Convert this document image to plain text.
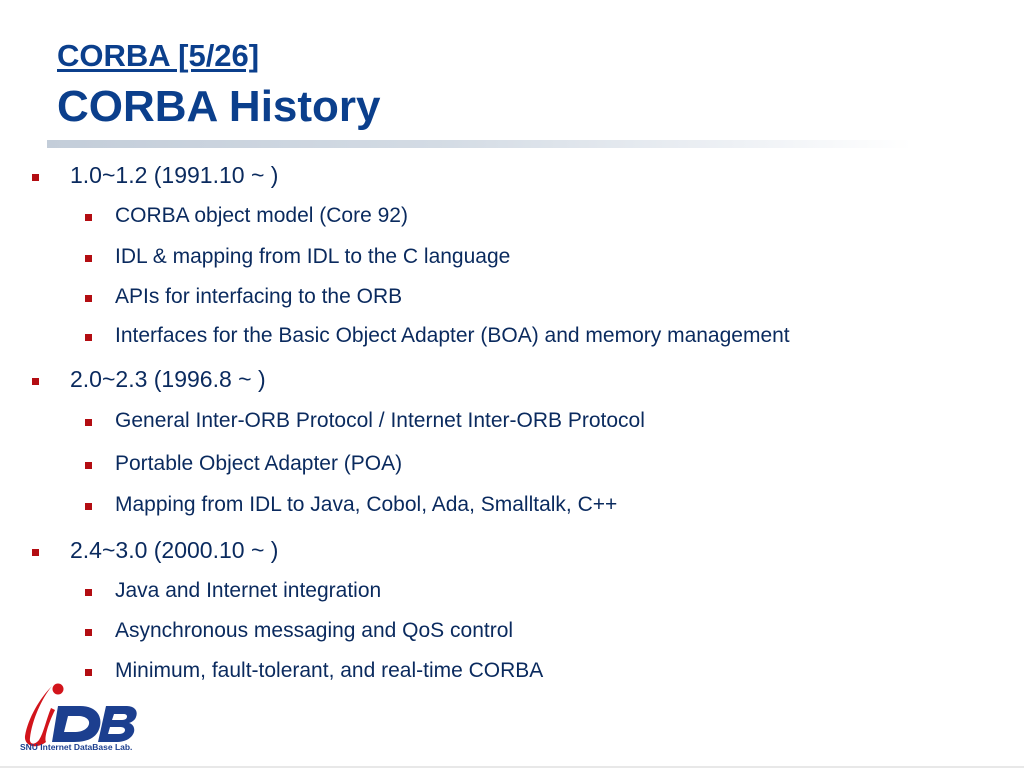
CORBA [5/26]
CORBA History
1.0~1.2 (1991.10 ~ )
CORBA object model (Core 92)
IDL & mapping from IDL to the C language
APIs for interfacing to the ORB
Interfaces for the Basic Object Adapter (BOA) and memory management
2.0~2.3 (1996.8 ~ )
General Inter-ORB Protocol / Internet Inter-ORB Protocol
Portable Object Adapter (POA)
Mapping from IDL to Java, Cobol, Ada, Smalltalk, C++
2.4~3.0 (2000.10 ~ )
Java and Internet integration
Asynchronous messaging and QoS control
Minimum, fault-tolerant, and real-time CORBA
SNU Internet DataBase Lab.
